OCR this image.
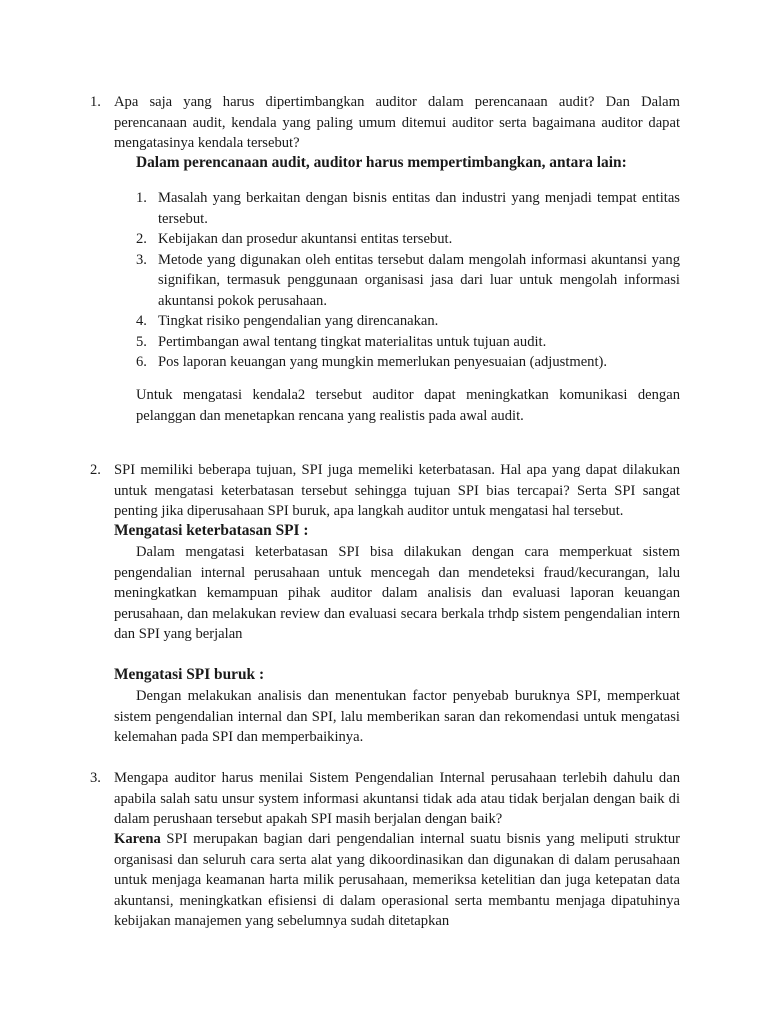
1. Apa saja yang harus dipertimbangkan auditor dalam perencanaan audit? Dan Dalam perencanaan audit, kendala yang paling umum ditemui auditor serta bagaimana auditor dapat mengatasinya kendala tersebut?

Dalam perencanaan audit, auditor harus mempertimbangkan, antara lain:
1. Masalah yang berkaitan dengan bisnis entitas dan industri yang menjadi tempat entitas tersebut.
2. Kebijakan dan prosedur akuntansi entitas tersebut.
3. Metode yang digunakan oleh entitas tersebut dalam mengolah informasi akuntansi yang signifikan, termasuk penggunaan organisasi jasa dari luar untuk mengolah informasi akuntansi pokok perusahaan.
4. Tingkat risiko pengendalian yang direncanakan.
5. Pertimbangan awal tentang tingkat materialitas untuk tujuan audit.
6. Pos laporan keuangan yang mungkin memerlukan penyesuaian (adjustment).

Untuk mengatasi kendala2 tersebut auditor dapat meningkatkan komunikasi dengan pelanggan dan menetapkan rencana yang realistis pada awal audit.

2. SPI memiliki beberapa tujuan, SPI juga memeliki keterbatasan. Hal apa yang dapat dilakukan untuk mengatasi keterbatasan tersebut sehingga tujuan SPI bias tercapai? Serta SPI sangat penting jika diperusahaan SPI buruk, apa langkah auditor untuk mengatasi hal tersebut.

Mengatasi keterbatasan SPI :

Dalam mengatasi keterbatasan SPI bisa dilakukan dengan cara memperkuat sistem pengendalian internal perusahaan untuk mencegah dan mendeteksi fraud/kecurangan, lalu meningkatkan kemampuan pihak auditor dalam analisis dan evaluasi laporan keuangan perusahaan, dan melakukan review dan evaluasi secara berkala trhdp sistem pengendalian intern dan SPI yang berjalan

Mengatasi SPI buruk :

Dengan melakukan analisis dan menentukan factor penyebab buruknya SPI, memperkuat sistem pengendalian internal dan SPI, lalu memberikan saran dan rekomendasi untuk mengatasi kelemahan pada SPI dan memperbaikinya.

3. Mengapa auditor harus menilai Sistem Pengendalian Internal perusahaan terlebih dahulu dan apabila salah satu unsur system informasi akuntansi tidak ada atau tidak berjalan dengan baik di dalam perushaan tersebut apakah SPI masih berjalan dengan baik?

Karena SPI merupakan bagian dari pengendalian internal suatu bisnis yang meliputi struktur organisasi dan seluruh cara serta alat yang dikoordinasikan dan digunakan di dalam perusahaan untuk menjaga keamanan harta milik perusahaan, memeriksa ketelitian dan juga ketepatan data akuntansi, meningkatkan efisiensi di dalam operasional serta membantu menjaga dipatuhinya kebijakan manajemen yang sebelumnya sudah ditetapkan
